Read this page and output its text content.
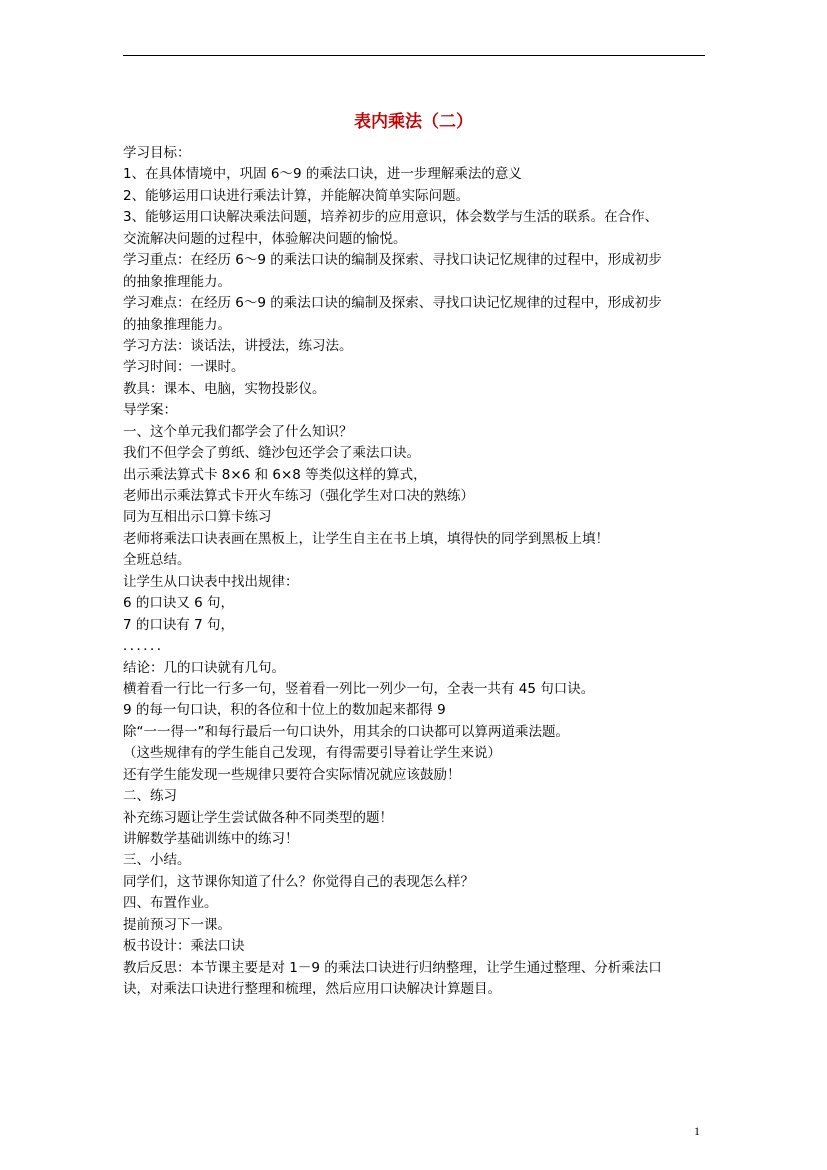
表内乘法（二）
学习目标：
1、在具体情境中，巩固 6～9 的乘法口诀，进一步理解乘法的意义
2、能够运用口诀进行乘法计算，并能解决简单实际问题。
3、能够运用口诀解决乘法问题，培养初步的应用意识，体会数学与生活的联系。在合作、
交流解决问题的过程中，体验解决问题的愉悦。
学习重点：在经历 6～9 的乘法口诀的编制及探索、寻找口诀记忆规律的过程中，形成初步
的抽象推理能力。
学习难点：在经历 6～9 的乘法口诀的编制及探索、寻找口诀记忆规律的过程中，形成初步
的抽象推理能力。
学习方法：谈话法，讲授法，练习法。
学习时间：一课时。
教具：课本、电脑，实物投影仪。
导学案：
一、这个单元我们都学会了什么知识？
我们不但学会了剪纸、缝沙包还学会了乘法口诀。
出示乘法算式卡 8×6 和 6×8 等类似这样的算式，
老师出示乘法算式卡开火车练习（强化学生对口决的熟练）
同为互相出示口算卡练习
老师将乘法口诀表画在黑板上，让学生自主在书上填，填得快的同学到黑板上填！
全班总结。
让学生从口诀表中找出规律：
6 的口诀又 6 句，
7 的口诀有 7 句，
．．．．．．
结论：几的口诀就有几句。
横着看一行比一行多一句，竖着看一列比一列少一句，全表一共有 45 句口诀。
9 的每一句口诀，积的各位和十位上的数加起来都得 9
除“一一得一”和每行最后一句口诀外，用其余的口诀都可以算两道乘法题。
（这些规律有的学生能自己发现，有得需要引导着让学生来说）
还有学生能发现一些规律只要符合实际情况就应该鼓励！
二、练习
补充练习题让学生尝试做各种不同类型的题！
讲解数学基础训练中的练习！
三、小结。
同学们，这节课你知道了什么？你觉得自己的表现怎么样？
四、布置作业。
提前预习下一课。
板书设计：乘法口诀
教后反思：本节课主要是对 1－9 的乘法口诀进行归纳整理，让学生通过整理、分析乘法口
诀，对乘法口诀进行整理和梳理，然后应用口诀解决计算题目。
1
